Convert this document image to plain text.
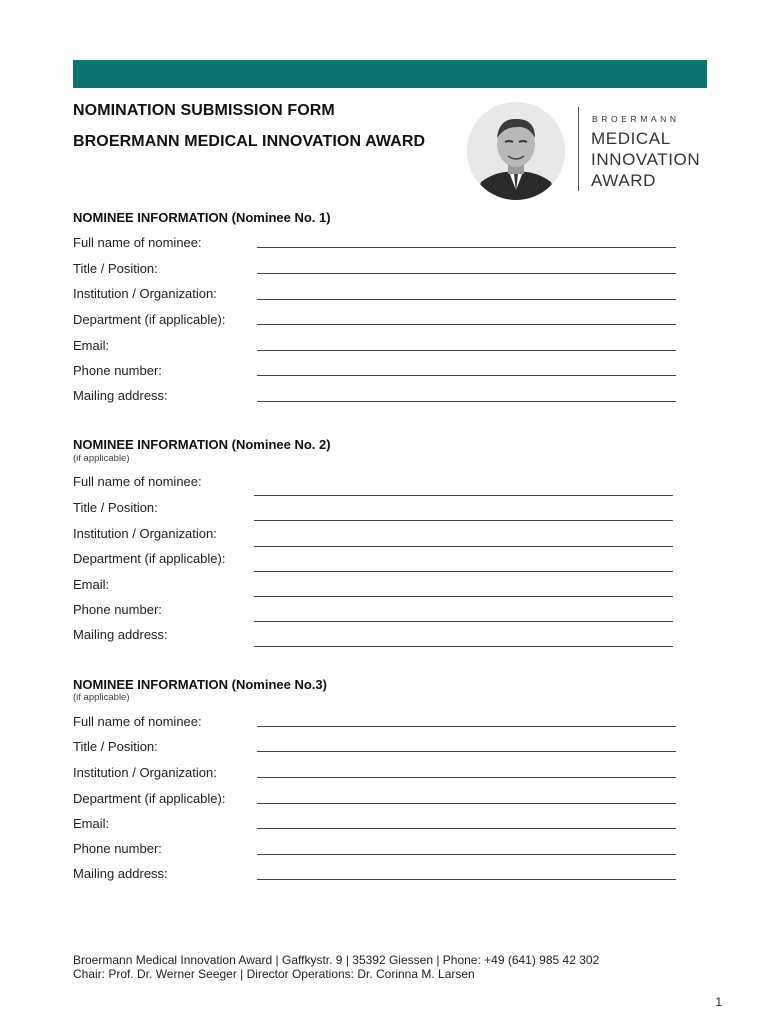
NOMINATION SUBMISSION FORM
BROERMANN MEDICAL INNOVATION AWARD
BROERMANN
MEDICAL
INNOVATION
AWARD
NOMINEE INFORMATION (Nominee No. 1)
Full name of nominee:
Title / Position:
Institution / Organization:
Department (if applicable):
Email:
Phone number:
Mailing address:
NOMINEE INFORMATION (Nominee No. 2)
(if applicable)
Full name of nominee:
Title / Position:
Institution / Organization:
Department (if applicable):
Email:
Phone number:
Mailing address:
NOMINEE INFORMATION (Nominee No.3)
(if applicable)
Full name of nominee:
Title / Position:
Institution / Organization:
Department (if applicable):
Email:
Phone number:
Mailing address:
Broermann Medical Innovation Award | Gaffkystr. 9 | 35392 Giessen | Phone: +49 (641) 985 42 302
Chair: Prof. Dr. Werner Seeger | Director Operations: Dr. Corinna M. Larsen
1
